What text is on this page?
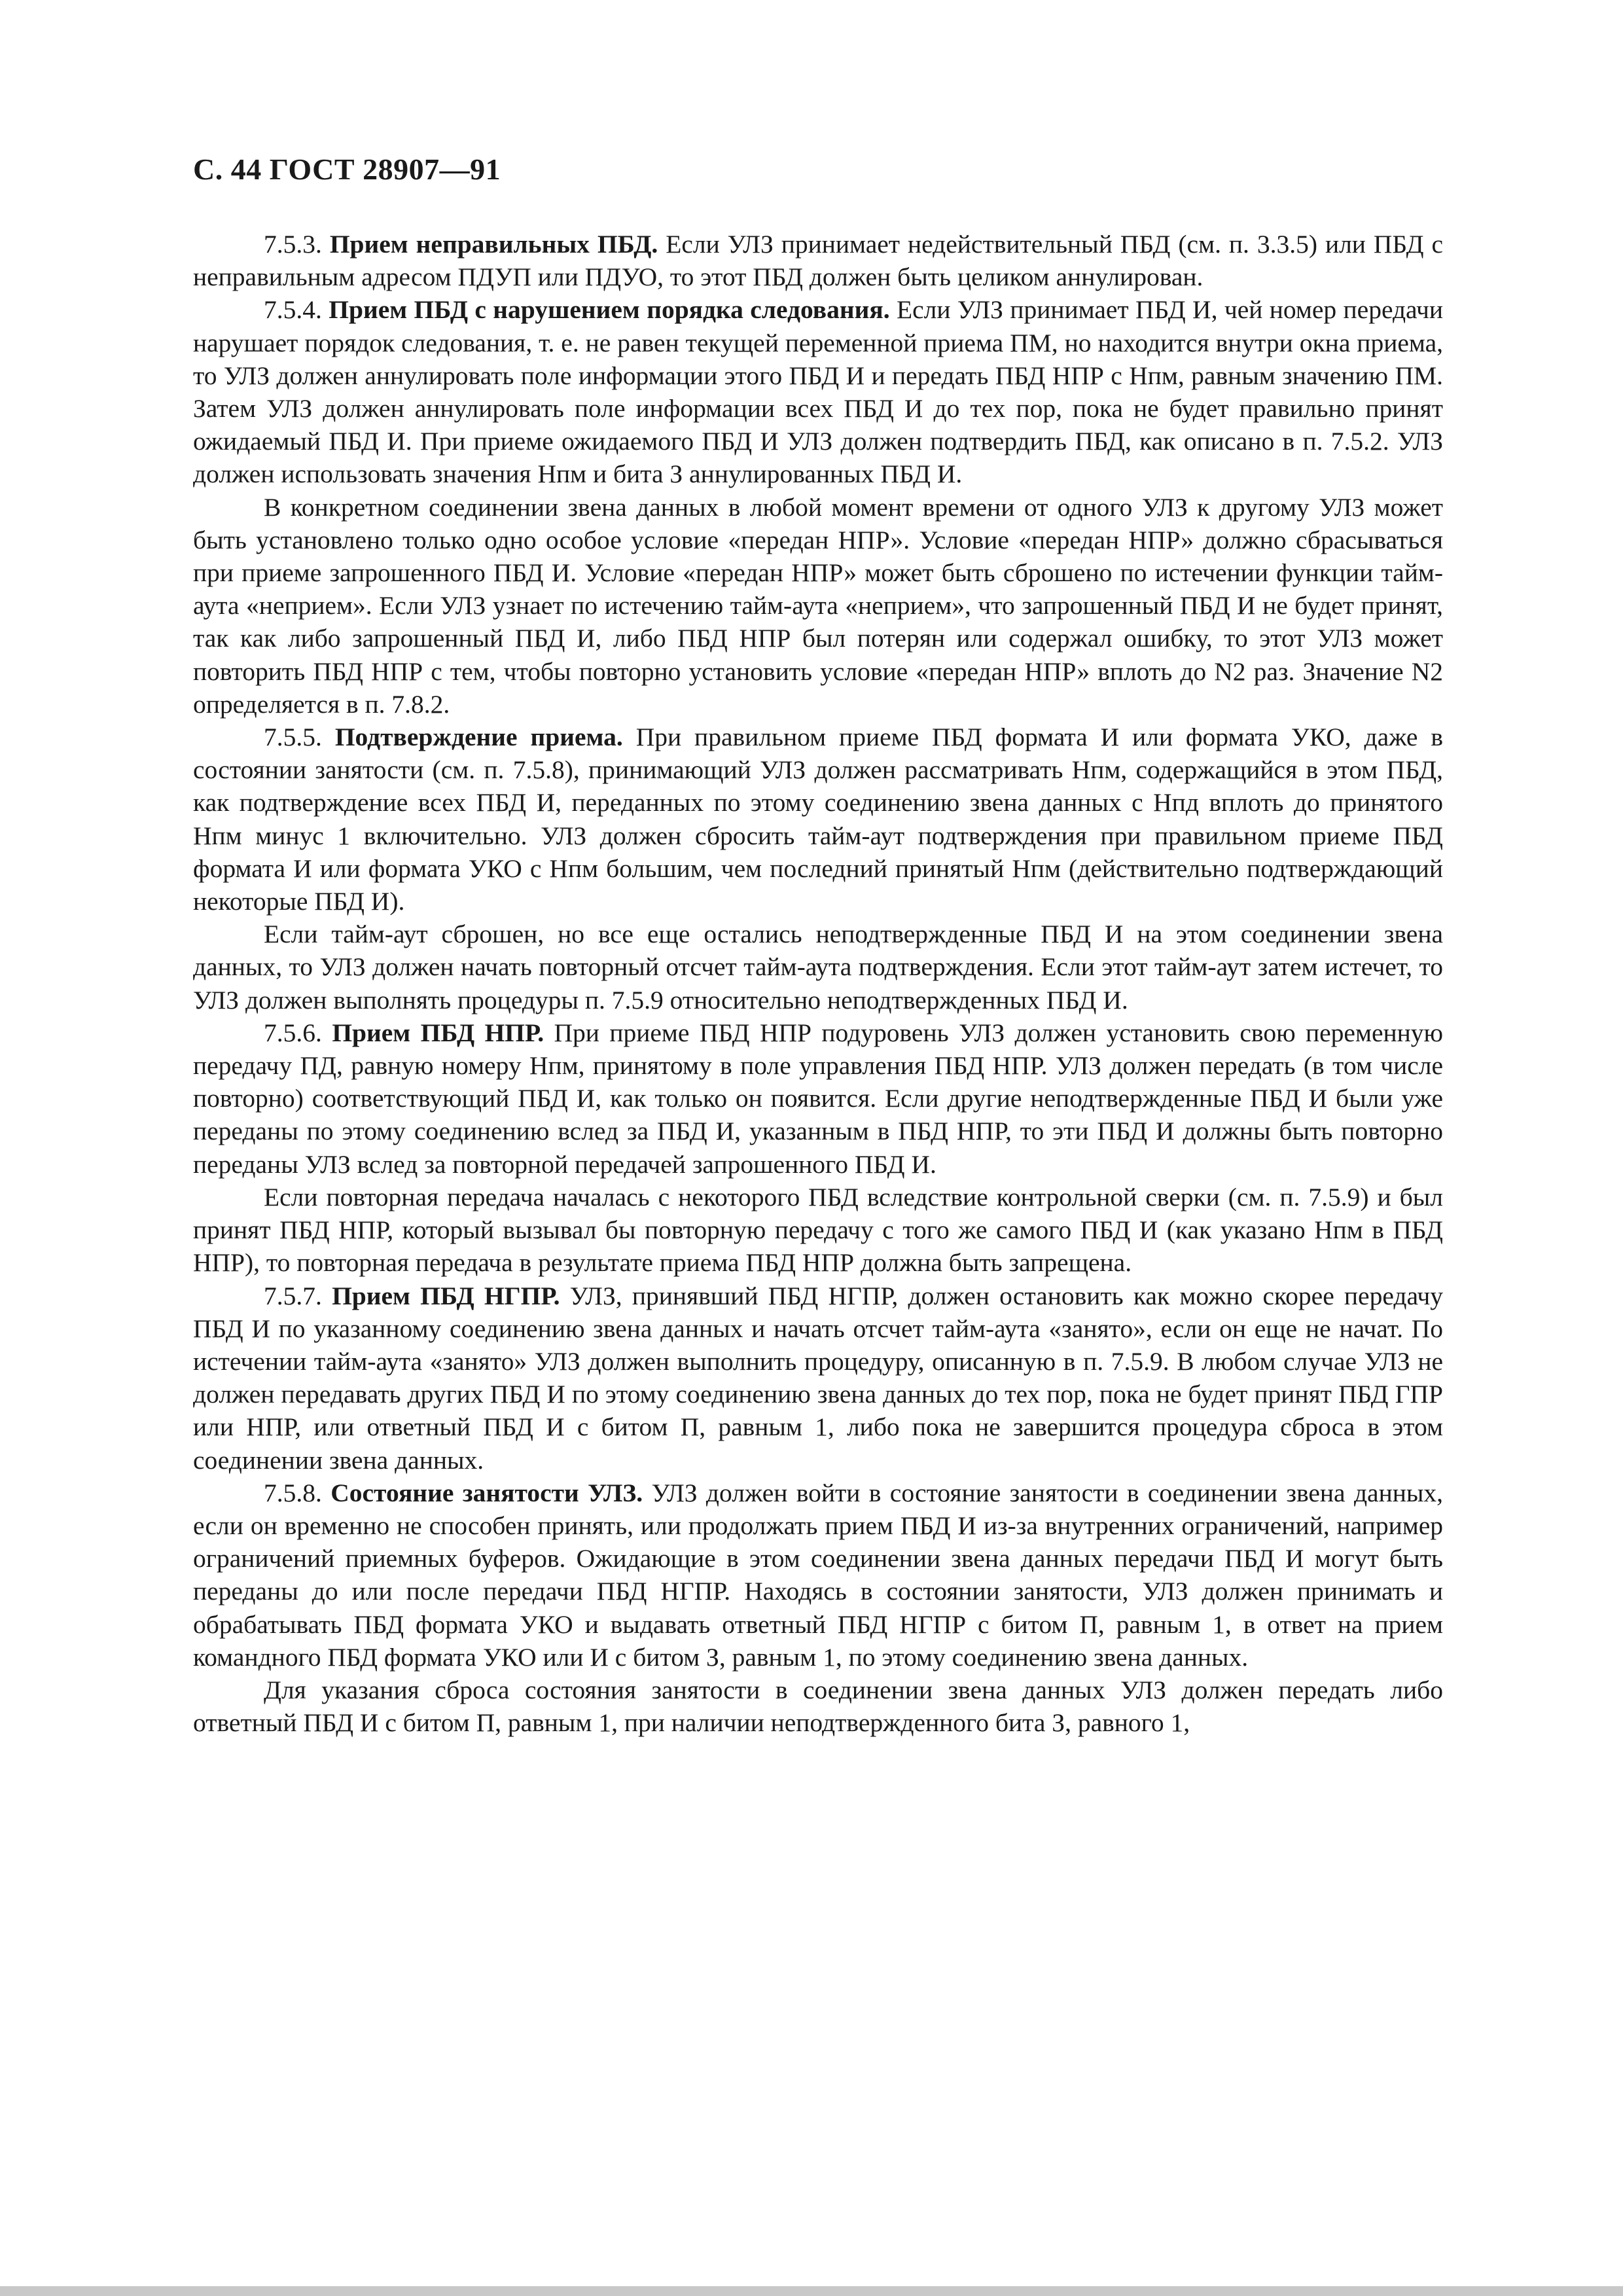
С. 44 ГОСТ 28907—91

7.5.3. Прием неправильных ПБД. Если УЛЗ принимает недействительный ПБД (см. п. 3.3.5) или ПБД с неправильным адресом ПДУП или ПДУО, то этот ПБД должен быть целиком аннулирован.

7.5.4. Прием ПБД с нарушением порядка следования. Если УЛЗ принимает ПБД И, чей номер передачи нарушает порядок следования, т. е. не равен текущей переменной приема ПМ, но находится внутри окна приема, то УЛЗ должен аннулировать поле информации этого ПБД И и передать ПБД НПР с Нпм, равным значению ПМ. Затем УЛЗ должен аннулировать поле информации всех ПБД И до тех пор, пока не будет правильно принят ожидаемый ПБД И. При приеме ожидаемого ПБД И УЛЗ должен подтвердить ПБД, как описано в п. 7.5.2. УЛЗ должен использовать значения Нпм и бита З аннулированных ПБД И.

В конкретном соединении звена данных в любой момент времени от одного УЛЗ к другому УЛЗ может быть установлено только одно особое условие «передан НПР». Условие «передан НПР» должно сбрасываться при приеме запрошенного ПБД И. Условие «передан НПР» может быть сброшено по истечении функции тайм-аута «неприем». Если УЛЗ узнает по истечению тайм-аута «неприем», что запрошенный ПБД И не будет принят, так как либо запрошенный ПБД И, либо ПБД НПР был потерян или содержал ошибку, то этот УЛЗ может повторить ПБД НПР с тем, чтобы повторно установить условие «передан НПР» вплоть до N2 раз. Значение N2 определяется в п. 7.8.2.

7.5.5. Подтверждение приема. При правильном приеме ПБД формата И или формата УКО, даже в состоянии занятости (см. п. 7.5.8), принимающий УЛЗ должен рассматривать Нпм, содержащийся в этом ПБД, как подтверждение всех ПБД И, переданных по этому соединению звена данных с Нпд вплоть до принятого Нпм минус 1 включительно. УЛЗ должен сбросить тайм-аут подтверждения при правильном приеме ПБД формата И или формата УКО с Нпм большим, чем последний принятый Нпм (действительно подтверждающий некоторые ПБД И).

Если тайм-аут сброшен, но все еще остались неподтвержденные ПБД И на этом соединении звена данных, то УЛЗ должен начать повторный отсчет тайм-аута подтверждения. Если этот тайм-аут затем истечет, то УЛЗ должен выполнять процедуры п. 7.5.9 относительно неподтвержденных ПБД И.

7.5.6. Прием ПБД НПР. При приеме ПБД НПР подуровень УЛЗ должен установить свою переменную передачу ПД, равную номеру Нпм, принятому в поле управления ПБД НПР. УЛЗ должен передать (в том числе повторно) соответствующий ПБД И, как только он появится. Если другие неподтвержденные ПБД И были уже переданы по этому соединению вслед за ПБД И, указанным в ПБД НПР, то эти ПБД И должны быть повторно переданы УЛЗ вслед за повторной передачей запрошенного ПБД И.

Если повторная передача началась с некоторого ПБД вследствие контрольной сверки (см. п. 7.5.9) и был принят ПБД НПР, который вызывал бы повторную передачу с того же самого ПБД И (как указано Нпм в ПБД НПР), то повторная передача в результате приема ПБД НПР должна быть запрещена.

7.5.7. Прием ПБД НГПР. УЛЗ, принявший ПБД НГПР, должен остановить как можно скорее передачу ПБД И по указанному соединению звена данных и начать отсчет тайм-аута «занято», если он еще не начат. По истечении тайм-аута «занято» УЛЗ должен выполнить процедуру, описанную в п. 7.5.9. В любом случае УЛЗ не должен передавать других ПБД И по этому соединению звена данных до тех пор, пока не будет принят ПБД ГПР или НПР, или ответный ПБД И с битом П, равным 1, либо пока не завершится процедура сброса в этом соединении звена данных.

7.5.8. Состояние занятости УЛЗ. УЛЗ должен войти в состояние занятости в соединении звена данных, если он временно не способен принять, или продолжать прием ПБД И из-за внутренних ограничений, например ограничений приемных буферов. Ожидающие в этом соединении звена данных передачи ПБД И могут быть переданы до или после передачи ПБД НГПР. Находясь в состоянии занятости, УЛЗ должен принимать и обрабатывать ПБД формата УКО и выдавать ответный ПБД НГПР с битом П, равным 1, в ответ на прием командного ПБД формата УКО или И с битом З, равным 1, по этому соединению звена данных.

Для указания сброса состояния занятости в соединении звена данных УЛЗ должен передать либо ответный ПБД И с битом П, равным 1, при наличии неподтвержденного бита З, равного 1,
